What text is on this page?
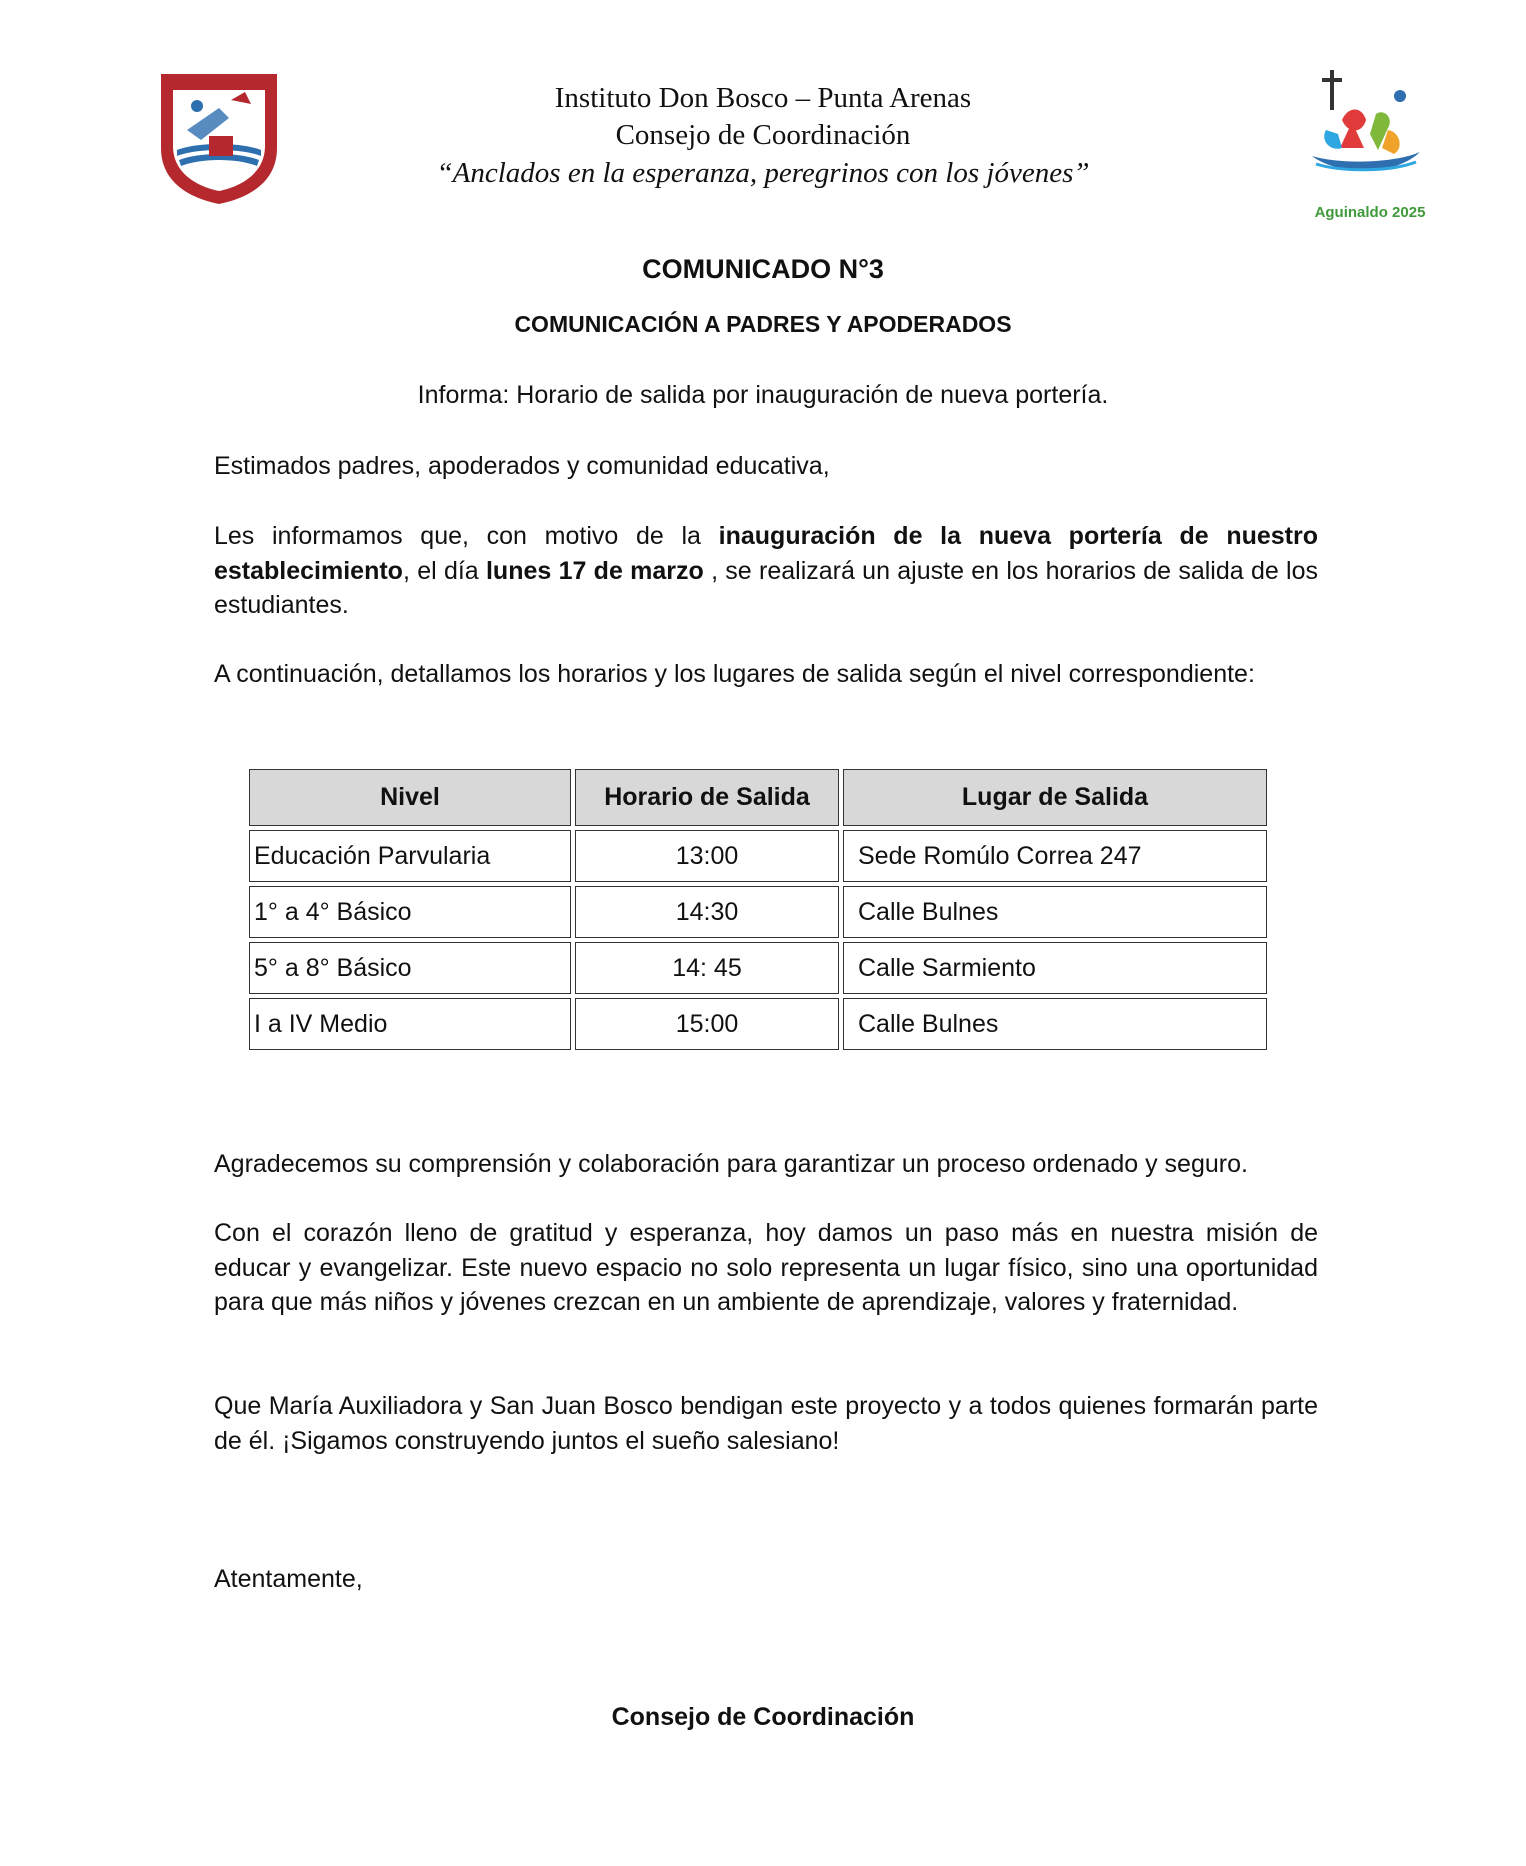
Instituto Don Bosco – Punta Arenas
Consejo de Coordinación
“Anclados en la esperanza, peregrinos con los jóvenes”
Aguinaldo 2025
COMUNICADO N°3
COMUNICACIÓN A PADRES Y APODERADOS
Informa: Horario de salida por inauguración de nueva portería.
Estimados padres, apoderados y comunidad educativa,
Les informamos que, con motivo de la inauguración de la nueva portería de nuestro establecimiento, el día lunes 17 de marzo , se realizará un ajuste en los horarios de salida de los estudiantes.
A continuación, detallamos los horarios y los lugares de salida según el nivel correspondiente:
Nivel	Horario de Salida	Lugar de Salida
Educación Parvularia	13:00	Sede Romúlo Correa 247
1° a 4° Básico	14:30	Calle Bulnes
5° a 8° Básico	14: 45	Calle Sarmiento
I a IV Medio	15:00	Calle Bulnes
Agradecemos su comprensión y colaboración para garantizar un proceso ordenado y seguro.
Con el corazón lleno de gratitud y esperanza, hoy damos un paso más en nuestra misión de educar y evangelizar. Este nuevo espacio no solo representa un lugar físico, sino una oportunidad para que más niños y jóvenes crezcan en un ambiente de aprendizaje, valores y fraternidad.
Que María Auxiliadora y San Juan Bosco bendigan este proyecto y a todos quienes formarán parte de él. ¡Sigamos construyendo juntos el sueño salesiano!
Atentamente,
Consejo de Coordinación
